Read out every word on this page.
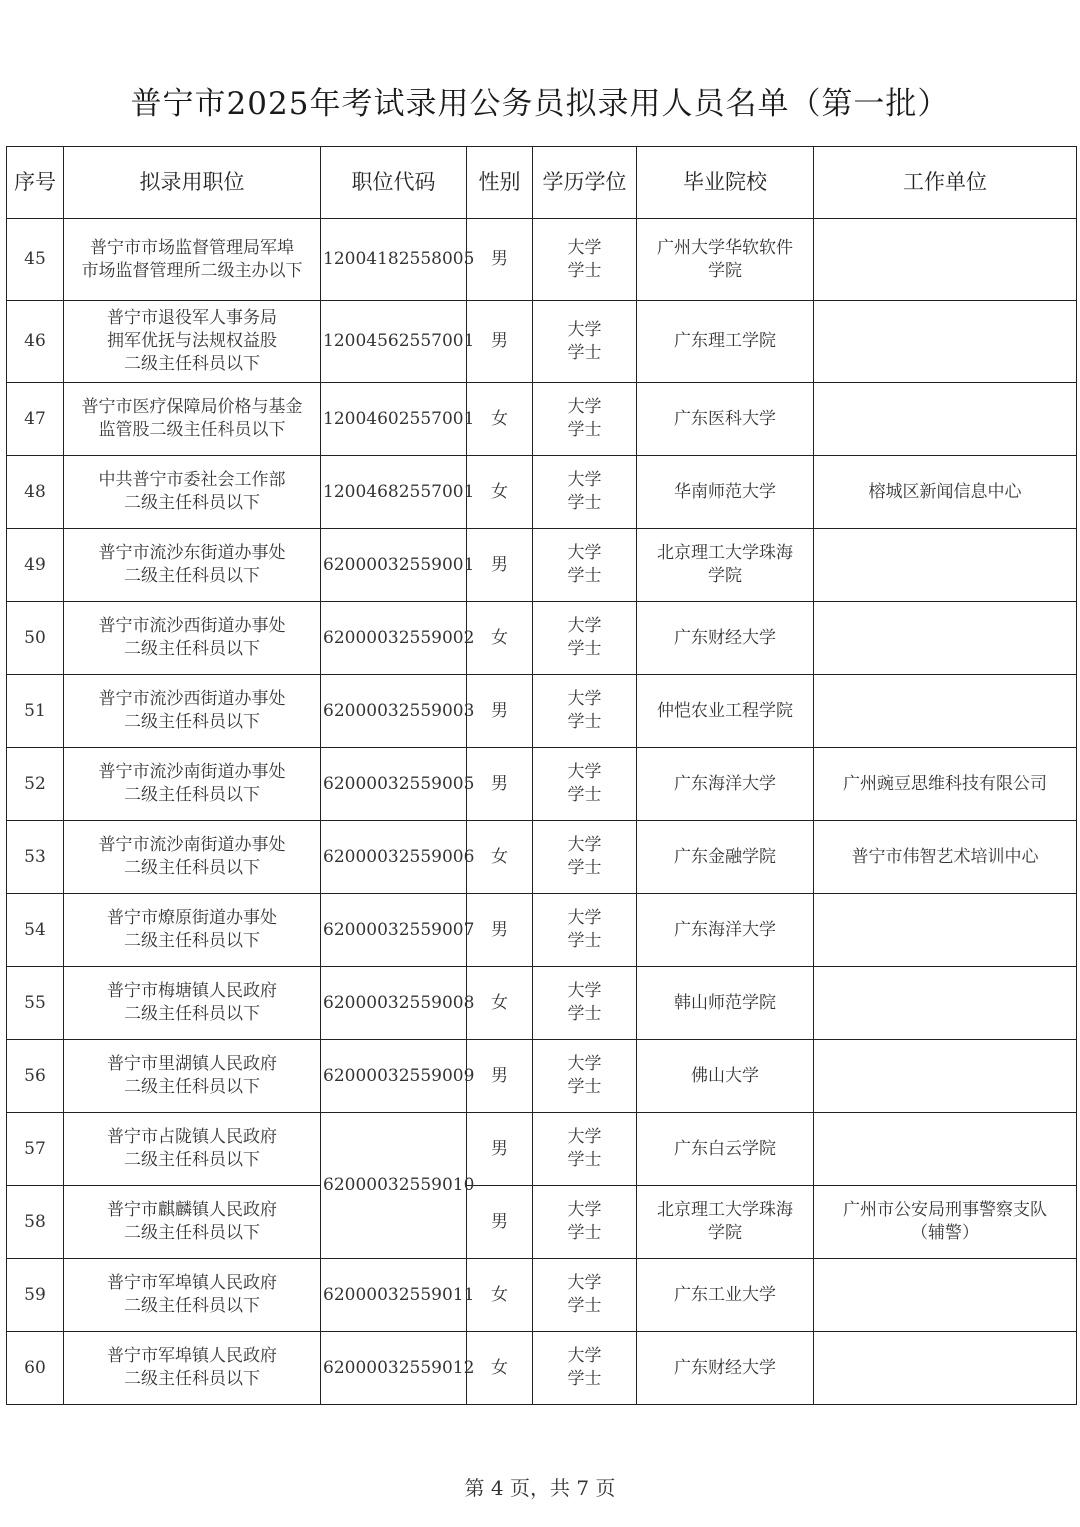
普宁市2025年考试录用公务员拟录用人员名单（第一批）
序号	拟录用职位	职位代码	性别	学历学位	毕业院校	工作单位
45	普宁市市场监督管理局军埠
市场监督管理所二级主办以下	12004182558005	男	大学
学士	广州大学华软软件
学院	
46	普宁市退役军人事务局
拥军优抚与法规权益股
二级主任科员以下	12004562557001	男	大学
学士	广东理工学院	
47	普宁市医疗保障局价格与基金
监管股二级主任科员以下	12004602557001	女	大学
学士	广东医科大学	
48	中共普宁市委社会工作部
二级主任科员以下	12004682557001	女	大学
学士	华南师范大学	榕城区新闻信息中心
49	普宁市流沙东街道办事处
二级主任科员以下	62000032559001	男	大学
学士	北京理工大学珠海
学院	
50	普宁市流沙西街道办事处
二级主任科员以下	62000032559002	女	大学
学士	广东财经大学	
51	普宁市流沙西街道办事处
二级主任科员以下	62000032559003	男	大学
学士	仲恺农业工程学院	
52	普宁市流沙南街道办事处
二级主任科员以下	62000032559005	男	大学
学士	广东海洋大学	广州豌豆思维科技有限公司
53	普宁市流沙南街道办事处
二级主任科员以下	62000032559006	女	大学
学士	广东金融学院	普宁市伟智艺术培训中心
54	普宁市燎原街道办事处
二级主任科员以下	62000032559007	男	大学
学士	广东海洋大学	
55	普宁市梅塘镇人民政府
二级主任科员以下	62000032559008	女	大学
学士	韩山师范学院	
56	普宁市里湖镇人民政府
二级主任科员以下	62000032559009	男	大学
学士	佛山大学	
57	普宁市占陇镇人民政府
二级主任科员以下	62000032559010	男	大学
学士	广东白云学院	
58	普宁市麒麟镇人民政府
二级主任科员以下		男	大学
学士	北京理工大学珠海
学院	广州市公安局刑事警察支队
（辅警）
59	普宁市军埠镇人民政府
二级主任科员以下	62000032559011	女	大学
学士	广东工业大学	
60	普宁市军埠镇人民政府
二级主任科员以下	62000032559012	女	大学
学士	广东财经大学	
第 4 页，共 7 页
